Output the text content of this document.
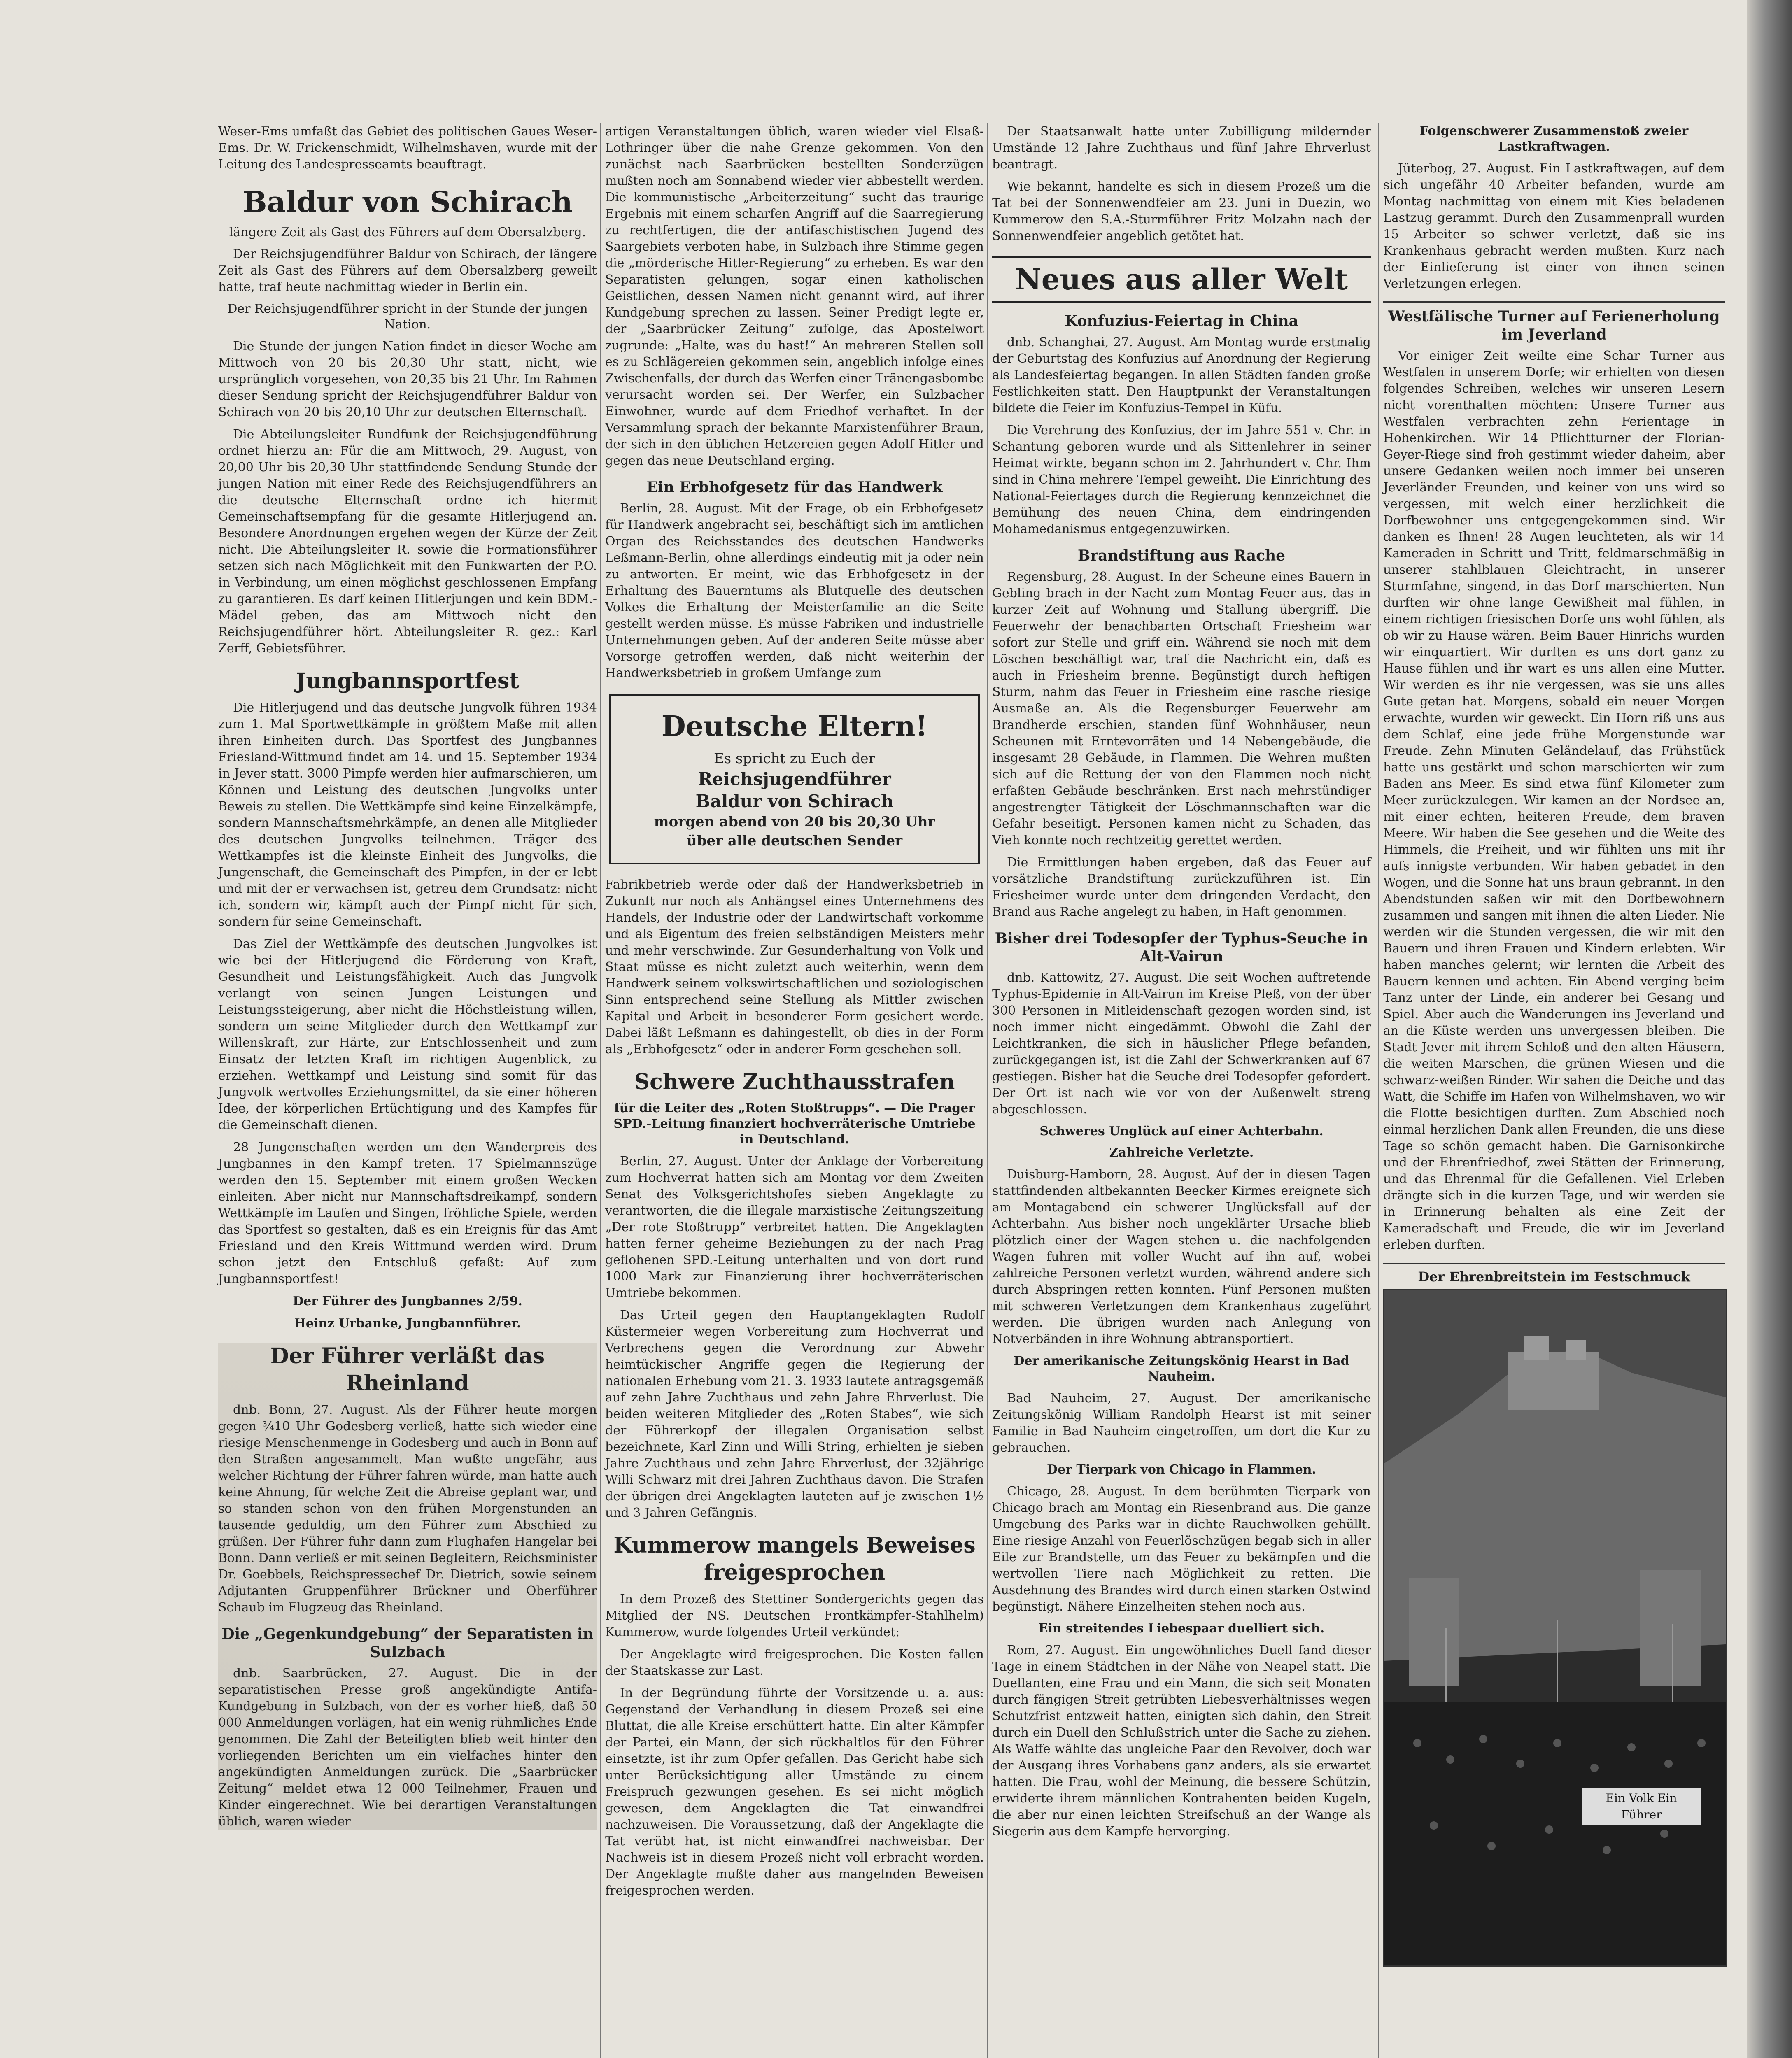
Weser-Ems umfaßt das Gebiet des politischen Gaues Weser-Ems. Dr. W. Frickenschmidt, Wilhelmshaven, wurde mit der Leitung des Landespresseamts beauftragt.

Baldur von Schirach
längere Zeit als Gast des Führers auf dem Obersalzberg.

Der Reichsjugendführer Baldur von Schirach, der längere Zeit als Gast des Führers auf dem Obersalzberg geweilt hatte, traf heute nachmittag wieder in Berlin ein.

Der Reichsjugendführer spricht in der Stunde der jungen Nation.

Die Stunde der jungen Nation findet in dieser Woche am Mittwoch von 20 bis 20,30 Uhr statt, nicht, wie ursprünglich vorgesehen, von 20,35 bis 21 Uhr. Im Rahmen dieser Sendung spricht der Reichsjugendführer Baldur von Schirach von 20 bis 20,10 Uhr zur deutschen Elternschaft.

Die Abteilungsleiter Rundfunk der Reichsjugendführung ordnet hierzu an: Für die am Mittwoch, 29. August, von 20,00 Uhr bis 20,30 Uhr stattfindende Sendung Stunde der jungen Nation mit einer Rede des Reichsjugendführers an die deutsche Elternschaft ordne ich hiermit Gemeinschaftsempfang für die gesamte Hitlerjugend an. Besondere Anordnungen ergehen wegen der Kürze der Zeit nicht. Die Abteilungsleiter R. sowie die Formationsführer setzen sich nach Möglichkeit mit den Funkwarten der P.O. in Verbindung, um einen möglichst geschlossenen Empfang zu garantieren. Es darf keinen Hitlerjungen und kein BDM.-Mädel geben, das am Mittwoch nicht den Reichsjugendführer hört. Abteilungsleiter R. gez.: Karl Zerff, Gebietsführer.

Jungbannsportfest

Die Hitlerjugend und das deutsche Jungvolk führen 1934 zum 1. Mal Sportwettkämpfe in größtem Maße mit allen ihren Einheiten durch. Das Sportfest des Jungbannes Friesland-Wittmund findet am 14. und 15. September 1934 in Jever statt. 3000 Pimpfe werden hier aufmarschieren, um Können und Leistung des deutschen Jungvolks unter Beweis zu stellen. Die Wettkämpfe sind keine Einzelkämpfe, sondern Mannschaftsmehrkämpfe, an denen alle Mitglieder des deutschen Jungvolks teilnehmen. Träger des Wettkampfes ist die kleinste Einheit des Jungvolks, die Jungenschaft, die Gemeinschaft des Pimpfen, in der er lebt und mit der er verwachsen ist, getreu dem Grundsatz: nicht ich, sondern wir, kämpft auch der Pimpf nicht für sich, sondern für seine Gemeinschaft.

Das Ziel der Wettkämpfe des deutschen Jungvolkes ist wie bei der Hitlerjugend die Förderung von Kraft, Gesundheit und Leistungsfähigkeit. Auch das Jungvolk verlangt von seinen Jungen Leistungen und Leistungssteigerung, aber nicht die Höchstleistung willen, sondern um seine Mitglieder durch den Wettkampf zur Willenskraft, zur Härte, zur Entschlossenheit und zum Einsatz der letzten Kraft im richtigen Augenblick, zu erziehen. Wettkampf und Leistung sind somit für das Jungvolk wertvolles Erziehungsmittel, da sie einer höheren Idee, der körperlichen Ertüchtigung und des Kampfes für die Gemeinschaft dienen.

28 Jungenschaften werden um den Wanderpreis des Jungbannes in den Kampf treten. 17 Spielmannszüge werden den 15. September mit einem großen Wecken einleiten. Aber nicht nur Mannschaftsdreikampf, sondern Wettkämpfe im Laufen und Singen, fröhliche Spiele, werden das Sportfest so gestalten, daß es ein Ereignis für das Amt Friesland und den Kreis Wittmund werden wird. Drum schon jetzt den Entschluß gefaßt: Auf zum Jungbannsportfest!

Der Führer des Jungbannes 2/59.
Heinz Urbanke, Jungbannführer.
Der Führer verläßt das Rheinland

dnb. Bonn, 27. August. Als der Führer heute morgen gegen ¾10 Uhr Godesberg verließ, hatte sich wieder eine riesige Menschenmenge in Godesberg und auch in Bonn auf den Straßen angesammelt. Man wußte ungefähr, aus welcher Richtung der Führer fahren würde, man hatte auch keine Ahnung, für welche Zeit die Abreise geplant war, und so standen schon von den frühen Morgenstunden an tausende geduldig, um den Führer zum Abschied zu grüßen. Der Führer fuhr dann zum Flughafen Hangelar bei Bonn. Dann verließ er mit seinen Begleitern, Reichsminister Dr. Goebbels, Reichspressechef Dr. Dietrich, sowie seinem Adjutanten Gruppenführer Brückner und Oberführer Schaub im Flugzeug das Rheinland.

Die „Gegenkundgebung“ der Separatisten in Sulzbach

dnb. Saarbrücken, 27. August. Die in der separatistischen Presse groß angekündigte Antifa-Kundgebung in Sulzbach, von der es vorher hieß, daß 50 000 Anmeldungen vorlägen, hat ein wenig rühmliches Ende genommen. Die Zahl der Beteiligten blieb weit hinter den vorliegenden Berichten um ein vielfaches hinter den angekündigten Anmeldungen zurück. Die „Saarbrücker Zeitung“ meldet etwa 12 000 Teilnehmer, Frauen und Kinder eingerechnet. Wie bei derartigen Veranstaltungen üblich, waren wieder

artigen Veranstaltungen üblich, waren wieder viel Elsaß-Lothringer über die nahe Grenze gekommen. Von den zunächst nach Saarbrücken bestellten Sonderzügen mußten noch am Sonnabend wieder vier abbestellt werden. Die kommunistische „Arbeiterzeitung“ sucht das traurige Ergebnis mit einem scharfen Angriff auf die Saarregierung zu rechtfertigen, die der antifaschistischen Jugend des Saargebiets verboten habe, in Sulzbach ihre Stimme gegen die „mörderische Hitler-Regierung“ zu erheben. Es war den Separatisten gelungen, sogar einen katholischen Geistlichen, dessen Namen nicht genannt wird, auf ihrer Kundgebung sprechen zu lassen. Seiner Predigt legte er, der „Saarbrücker Zeitung“ zufolge, das Apostelwort zugrunde: „Halte, was du hast!“ An mehreren Stellen soll es zu Schlägereien gekommen sein, angeblich infolge eines Zwischenfalls, der durch das Werfen einer Tränengasbombe verursacht worden sei. Der Werfer, ein Sulzbacher Einwohner, wurde auf dem Friedhof verhaftet. In der Versammlung sprach der bekannte Marxistenführer Braun, der sich in den üblichen Hetzereien gegen Adolf Hitler und gegen das neue Deutschland erging.

Ein Erbhofgesetz für das Handwerk

Berlin, 28. August. Mit der Frage, ob ein Erbhofgesetz für Handwerk angebracht sei, beschäftigt sich im amtlichen Organ des Reichsstandes des deutschen Handwerks Leßmann-Berlin, ohne allerdings eindeutig mit ja oder nein zu antworten. Er meint, wie das Erbhofgesetz in der Erhaltung des Bauerntums als Blutquelle des deutschen Volkes die Erhaltung der Meisterfamilie an die Seite gestellt werden müsse. Es müsse Fabriken und industrielle Unternehmungen geben. Auf der anderen Seite müsse aber Vorsorge getroffen werden, daß nicht weiterhin der Handwerksbetrieb in großem Umfange zum

Deutsche Eltern!
Es spricht zu Euch der
Reichsjugendführer
Baldur von Schirach
morgen abend von 20 bis 20,30 Uhr
über alle deutschen Sender

Fabrikbetrieb werde oder daß der Handwerksbetrieb in Zukunft nur noch als Anhängsel eines Unternehmens des Handels, der Industrie oder der Landwirtschaft vorkomme und als Eigentum des freien selbständigen Meisters mehr und mehr verschwinde. Zur Gesunderhaltung von Volk und Staat müsse es nicht zuletzt auch weiterhin, wenn dem Handwerk seinem volkswirtschaftlichen und soziologischen Sinn entsprechend seine Stellung als Mittler zwischen Kapital und Arbeit in besonderer Form gesichert werde. Dabei läßt Leßmann es dahingestellt, ob dies in der Form als „Erbhofgesetz“ oder in anderer Form geschehen soll.

Schwere Zuchthausstrafen
für die Leiter des „Roten Stoßtrupps“. — Die Prager SPD.-Leitung finanziert hochverräterische Umtriebe in Deutschland.

Berlin, 27. August. Unter der Anklage der Vorbereitung zum Hochverrat hatten sich am Montag vor dem Zweiten Senat des Volksgerichtshofes sieben Angeklagte zu verantworten, die die illegale marxistische Zeitungszeitung „Der rote Stoßtrupp“ verbreitet hatten. Die Angeklagten hatten ferner geheime Beziehungen zu der nach Prag geflohenen SPD.-Leitung unterhalten und von dort rund 1000 Mark zur Finanzierung ihrer hochverräterischen Umtriebe bekommen.

Das Urteil gegen den Hauptangeklagten Rudolf Küstermeier wegen Vorbereitung zum Hochverrat und Verbrechens gegen die Verordnung zur Abwehr heimtückischer Angriffe gegen die Regierung der nationalen Erhebung vom 21. 3. 1933 lautete antragsgemäß auf zehn Jahre Zuchthaus und zehn Jahre Ehrverlust. Die beiden weiteren Mitglieder des „Roten Stabes“, wie sich der Führerkopf der illegalen Organisation selbst bezeichnete, Karl Zinn und Willi String, erhielten je sieben Jahre Zuchthaus und zehn Jahre Ehrverlust, der 32jährige Willi Schwarz mit drei Jahren Zuchthaus davon. Die Strafen der übrigen drei Angeklagten lauteten auf je zwischen 1½ und 3 Jahren Gefängnis.

Kummerow mangels Beweises freigesprochen

In dem Prozeß des Stettiner Sondergerichts gegen das Mitglied der NS. Deutschen Frontkämpfer-Stahlhelm) Kummerow, wurde folgendes Urteil verkündet:

Der Angeklagte wird freigesprochen. Die Kosten fallen der Staatskasse zur Last.

In der Begründung führte der Vorsitzende u. a. aus: Gegenstand der Verhandlung in diesem Prozeß sei eine Bluttat, die alle Kreise erschüttert hatte. Ein alter Kämpfer der Partei, ein Mann, der sich rückhaltlos für den Führer einsetzte, ist ihr zum Opfer gefallen. Das Gericht habe sich unter Berücksichtigung aller Umstände zu einem Freispruch gezwungen gesehen. Es sei nicht möglich gewesen, dem Angeklagten die Tat einwandfrei nachzuweisen. Die Voraussetzung, daß der Angeklagte die Tat verübt hat, ist nicht einwandfrei nachweisbar. Der Nachweis ist in diesem Prozeß nicht voll erbracht worden. Der Angeklagte mußte daher aus mangelnden Beweisen freigesprochen werden.

Der Staatsanwalt hatte unter Zubilligung mildernder Umstände 12 Jahre Zuchthaus und fünf Jahre Ehrverlust beantragt.

Wie bekannt, handelte es sich in diesem Prozeß um die Tat bei der Sonnenwendfeier am 23. Juni in Duezin, wo Kummerow den S.A.-Sturmführer Fritz Molzahn nach der Sonnenwendfeier angeblich getötet hat.

Neues aus aller Welt
Konfuzius-Feiertag in China

dnb. Schanghai, 27. August. Am Montag wurde erstmalig der Geburtstag des Konfuzius auf Anordnung der Regierung als Landesfeiertag begangen. In allen Städten fanden große Festlichkeiten statt. Den Hauptpunkt der Veranstaltungen bildete die Feier im Konfuzius-Tempel in Küfu.

Die Verehrung des Konfuzius, der im Jahre 551 v. Chr. in Schantung geboren wurde und als Sittenlehrer in seiner Heimat wirkte, begann schon im 2. Jahrhundert v. Chr. Ihm sind in China mehrere Tempel geweiht. Die Einrichtung des National-Feiertages durch die Regierung kennzeichnet die Bemühung des neuen China, dem eindringenden Mohamedanismus entgegenzuwirken.

Brandstiftung aus Rache

Regensburg, 28. August. In der Scheune eines Bauern in Gebling brach in der Nacht zum Montag Feuer aus, das in kurzer Zeit auf Wohnung und Stallung übergriff. Die Feuerwehr der benachbarten Ortschaft Friesheim war sofort zur Stelle und griff ein. Während sie noch mit dem Löschen beschäftigt war, traf die Nachricht ein, daß es auch in Friesheim brenne. Begünstigt durch heftigen Sturm, nahm das Feuer in Friesheim eine rasche riesige Ausmaße an. Als die Regensburger Feuerwehr am Brandherde erschien, standen fünf Wohnhäuser, neun Scheunen mit Erntevorräten und 14 Nebengebäude, die insgesamt 28 Gebäude, in Flammen. Die Wehren mußten sich auf die Rettung der von den Flammen noch nicht erfaßten Gebäude beschränken. Erst nach mehrstündiger angestrengter Tätigkeit der Löschmannschaften war die Gefahr beseitigt. Personen kamen nicht zu Schaden, das Vieh konnte noch rechtzeitig gerettet werden.

Die Ermittlungen haben ergeben, daß das Feuer auf vorsätzliche Brandstiftung zurückzuführen ist. Ein Friesheimer wurde unter dem dringenden Verdacht, den Brand aus Rache angelegt zu haben, in Haft genommen.

Bisher drei Todesopfer der Typhus-Seuche in Alt-Vairun

dnb. Kattowitz, 27. August. Die seit Wochen auftretende Typhus-Epidemie in Alt-Vairun im Kreise Pleß, von der über 300 Personen in Mitleidenschaft gezogen worden sind, ist noch immer nicht eingedämmt. Obwohl die Zahl der Leichtkranken, die sich in häuslicher Pflege befanden, zurückgegangen ist, ist die Zahl der Schwerkranken auf 67 gestiegen. Bisher hat die Seuche drei Todesopfer gefordert. Der Ort ist nach wie vor von der Außenwelt streng abgeschlossen.

Schweres Unglück auf einer Achterbahn.
Zahlreiche Verletzte.

Duisburg-Hamborn, 28. August. Auf der in diesen Tagen stattfindenden altbekannten Beecker Kirmes ereignete sich am Montagabend ein schwerer Unglücksfall auf der Achterbahn. Aus bisher noch ungeklärter Ursache blieb plötzlich einer der Wagen stehen u. die nachfolgenden Wagen fuhren mit voller Wucht auf ihn auf, wobei zahlreiche Personen verletzt wurden, während andere sich durch Abspringen retten konnten. Fünf Personen mußten mit schweren Verletzungen dem Krankenhaus zugeführt werden. Die übrigen wurden nach Anlegung von Notverbänden in ihre Wohnung abtransportiert.

Der amerikanische Zeitungskönig Hearst in Bad Nauheim.

Bad Nauheim, 27. August. Der amerikanische Zeitungskönig William Randolph Hearst ist mit seiner Familie in Bad Nauheim eingetroffen, um dort die Kur zu gebrauchen.

Der Tierpark von Chicago in Flammen.

Chicago, 28. August. In dem berühmten Tierpark von Chicago brach am Montag ein Riesenbrand aus. Die ganze Umgebung des Parks war in dichte Rauchwolken gehüllt. Eine riesige Anzahl von Feuerlöschzügen begab sich in aller Eile zur Brandstelle, um das Feuer zu bekämpfen und die wertvollen Tiere nach Möglichkeit zu retten. Die Ausdehnung des Brandes wird durch einen starken Ostwind begünstigt. Nähere Einzelheiten stehen noch aus.

Ein streitendes Liebespaar duelliert sich.

Rom, 27. August. Ein ungewöhnliches Duell fand dieser Tage in einem Städtchen in der Nähe von Neapel statt. Die Duellanten, eine Frau und ein Mann, die sich seit Monaten durch fängigen Streit getrübten Liebesverhältnisses wegen Schutzfrist entzweit hatten, einigten sich dahin, den Streit durch ein Duell den Schlußstrich unter die Sache zu ziehen. Als Waffe wählte das ungleiche Paar den Revolver, doch war der Ausgang ihres Vorhabens ganz anders, als sie erwartet hatten. Die Frau, wohl der Meinung, die bessere Schützin, erwiderte ihrem männlichen Kontrahenten beiden Kugeln, die aber nur einen leichten Streifschuß an der Wange als Siegerin aus dem Kampfe hervorging.

Folgenschwerer Zusammenstoß zweier Lastkraftwagen.

Jüterbog, 27. August. Ein Lastkraftwagen, auf dem sich ungefähr 40 Arbeiter befanden, wurde am Montag nachmittag von einem mit Kies beladenen Lastzug gerammt. Durch den Zusammenprall wurden 15 Arbeiter so schwer verletzt, daß sie ins Krankenhaus gebracht werden mußten. Kurz nach der Einlieferung ist einer von ihnen seinen Verletzungen erlegen.

Westfälische Turner auf Ferienerholung im Jeverland

Vor einiger Zeit weilte eine Schar Turner aus Westfalen in unserem Dorfe; wir erhielten von diesen folgendes Schreiben, welches wir unseren Lesern nicht vorenthalten möchten: Unsere Turner aus Westfalen verbrachten zehn Ferientage in Hohenkirchen. Wir 14 Pflichtturner der Florian-Geyer-Riege sind froh gestimmt wieder daheim, aber unsere Gedanken weilen noch immer bei unseren Jeverländer Freunden, und keiner von uns wird so vergessen, mit welch einer herzlichkeit die Dorfbewohner uns entgegengekommen sind. Wir danken es Ihnen! 28 Augen leuchteten, als wir 14 Kameraden in Schritt und Tritt, feldmarschmäßig in unserer stahlblauen Gleichtracht, in unserer Sturmfahne, singend, in das Dorf marschierten. Nun durften wir ohne lange Gewißheit mal fühlen, in einem richtigen friesischen Dorfe uns wohl fühlen, als ob wir zu Hause wären. Beim Bauer Hinrichs wurden wir einquartiert. Wir durften es uns dort ganz zu Hause fühlen und ihr wart es uns allen eine Mutter. Wir werden es ihr nie vergessen, was sie uns alles Gute getan hat. Morgens, sobald ein neuer Morgen erwachte, wurden wir geweckt. Ein Horn riß uns aus dem Schlaf, eine jede frühe Morgenstunde war Freude. Zehn Minuten Geländelauf, das Frühstück hatte uns gestärkt und schon marschierten wir zum Baden ans Meer. Es sind etwa fünf Kilometer zum Meer zurückzulegen. Wir kamen an der Nordsee an, mit einer echten, heiteren Freude, dem braven Meere. Wir haben die See gesehen und die Weite des Himmels, die Freiheit, und wir fühlten uns mit ihr aufs innigste verbunden. Wir haben gebadet in den Wogen, und die Sonne hat uns braun gebrannt. In den Abendstunden saßen wir mit den Dorfbewohnern zusammen und sangen mit ihnen die alten Lieder. Nie werden wir die Stunden vergessen, die wir mit den Bauern und ihren Frauen und Kindern erlebten. Wir haben manches gelernt; wir lernten die Arbeit des Bauern kennen und achten. Ein Abend verging beim Tanz unter der Linde, ein anderer bei Gesang und Spiel. Aber auch die Wanderungen ins Jeverland und an die Küste werden uns unvergessen bleiben. Die Stadt Jever mit ihrem Schloß und den alten Häusern, die weiten Marschen, die grünen Wiesen und die schwarz-weißen Rinder. Wir sahen die Deiche und das Watt, die Schiffe im Hafen von Wilhelmshaven, wo wir die Flotte besichtigen durften. Zum Abschied noch einmal herzlichen Dank allen Freunden, die uns diese Tage so schön gemacht haben. Die Garnisonkirche und der Ehrenfriedhof, zwei Stätten der Erinnerung, und das Ehrenmal für die Gefallenen. Viel Erleben drängte sich in die kurzen Tage, und wir werden sie in Erinnerung behalten als eine Zeit der Kameradschaft und Freude, die wir im Jeverland erleben durften.

Der Ehrenbreitstein im Festschmuck
Ein Volk Ein Führer
